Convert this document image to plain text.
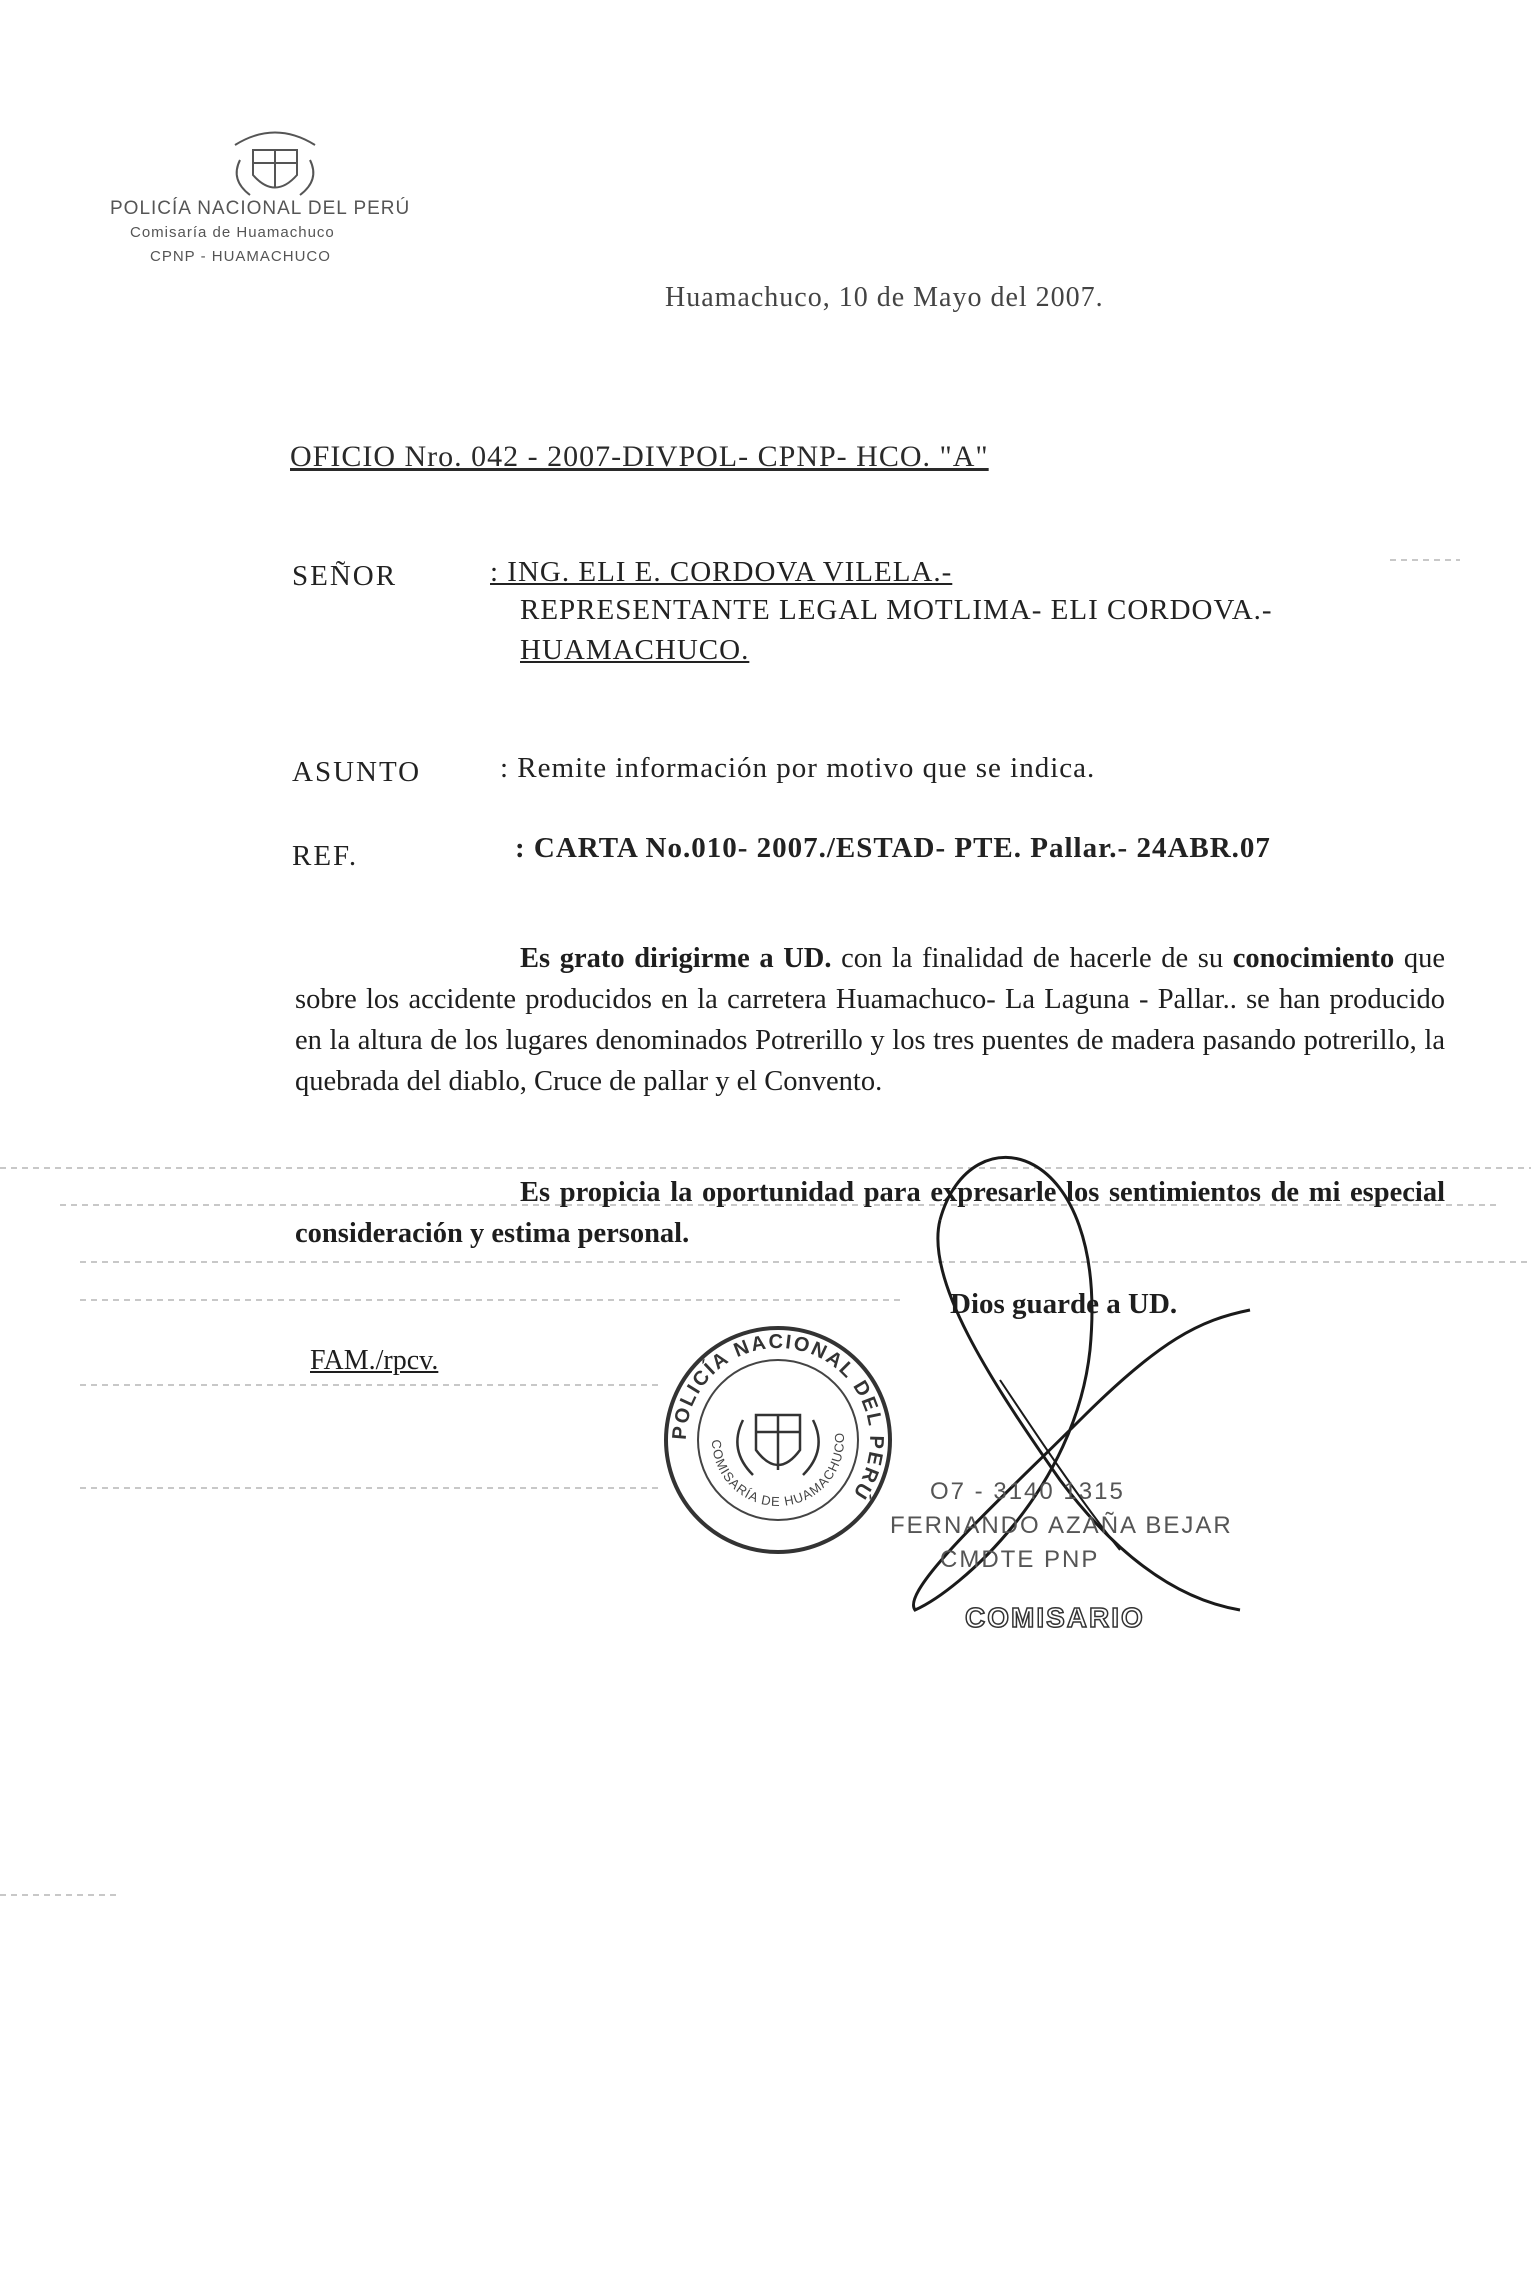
POLICÍA NACIONAL DEL PERÚ
Comisaría de Huamachuco
CPNP - HUAMACHUCO
Huamachuco, 10 de Mayo del 2007.
OFICIO Nro. 042 - 2007-DIVPOL- CPNP- HCO. "A"
SEÑOR	: ING. ELI E. CORDOVA VILELA.-
REPRESENTANTE LEGAL MOTLIMA- ELI CORDOVA.-
HUAMACHUCO.
ASUNTO	: Remite información por motivo que se indica.
REF.	: CARTA No.010- 2007./ESTAD- PTE. Pallar.- 24ABR.07

Es grato dirigirme a UD. con la finalidad de hacerle de su conocimiento que sobre los accidente producidos en la carretera Huamachuco- La Laguna - Pallar.. se han producido en la altura de los lugares denominados Potrerillo y los tres puentes de madera pasando potrerillo, la quebrada del diablo, Cruce de pallar y el Convento.

Es propicia la oportunidad para expresarle los sentimientos de mi especial consideración y estima personal.

Dios guarde a UD.
FAM./rpcv.
POLICÍA NACIONAL DEL PERÚ
COMISARÍA DE HUAMACHUCO
O7 - 3140 1315
FERNANDO AZAÑA BEJAR
CMDTE PNP
COMISARIO
